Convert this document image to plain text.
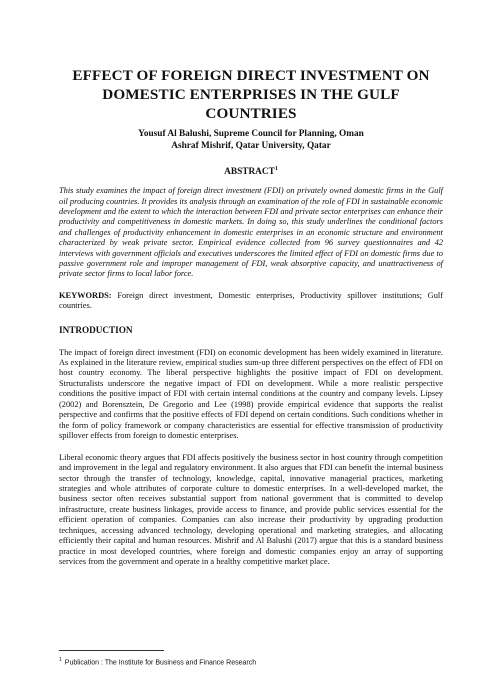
EFFECT OF FOREIGN DIRECT INVESTMENT ON
DOMESTIC ENTERPRISES IN THE GULF COUNTRIES
Yousuf Al Balushi, Supreme Council for Planning, Oman
Ashraf Mishrif, Qatar University, Qatar
ABSTRACT$^1$

This study examines the impact of foreign direct investment (FDI) on privately owned domestic firms in the Gulf oil producing countries. It provides its analysis through an examination of the role of FDI in sustainable economic development and the extent to which the interaction between FDI and private sector enterprises can enhance their productivity and competitiveness in domestic markets. In doing so, this study underlines the conditional factors and challenges of productivity enhancement in domestic enterprises in an economic structure and environment characterized by weak private sector. Empirical evidence collected from 96 survey questionnaires and 42 interviews with government officials and executives underscores the limited effect of FDI on domestic firms due to passive government role and improper management of FDI, weak absorptive capacity, and unattractiveness of private sector firms to local labor force.

KEYWORDS: Foreign direct investment, Domestic enterprises, Productivity spillover institutions; Gulf countries.

INTRODUCTION

The impact of foreign direct investment (FDI) on economic development has been widely examined in literature. As explained in the literature review, empirical studies sum-up three different perspectives on the effect of FDI on host country economy. The liberal perspective highlights the positive impact of FDI on development. Structuralists underscore the negative impact of FDI on development. While a more realistic perspective conditions the positive impact of FDI with certain internal conditions at the country and company levels. Lipsey (2002) and Borensztein, De Gregorio and Lee (1998) provide empirical evidence that supports the realist perspective and confirms that the positive effects of FDI depend on certain conditions. Such conditions whether in the form of policy framework or company characteristics are essential for effective transmission of productivity spillover effects from foreign to domestic enterprises.

Liberal economic theory argues that FDI affects positively the business sector in host country through competition and improvement in the legal and regulatory environment. It also argues that FDI can benefit the internal business sector through the transfer of technology, knowledge, capital, innovative managerial practices, marketing strategies and whole attributes of corporate culture to domestic enterprises. In a well-developed market, the business sector often receives substantial support from national government that is committed to develop infrastructure, create business linkages, provide access to finance, and provide public services essential for the efficient operation of companies. Companies can also increase their productivity by upgrading production techniques, accessing advanced technology, developing operational and marketing strategies, and allocating efficiently their capital and human resources. Mishrif and Al Balushi (2017) argue that this is a standard business practice in most developed countries, where foreign and domestic companies enjoy an array of supporting services from the government and operate in a healthy competitive market place.

$^1$ Publication : The Institute for Business and Finance Research
